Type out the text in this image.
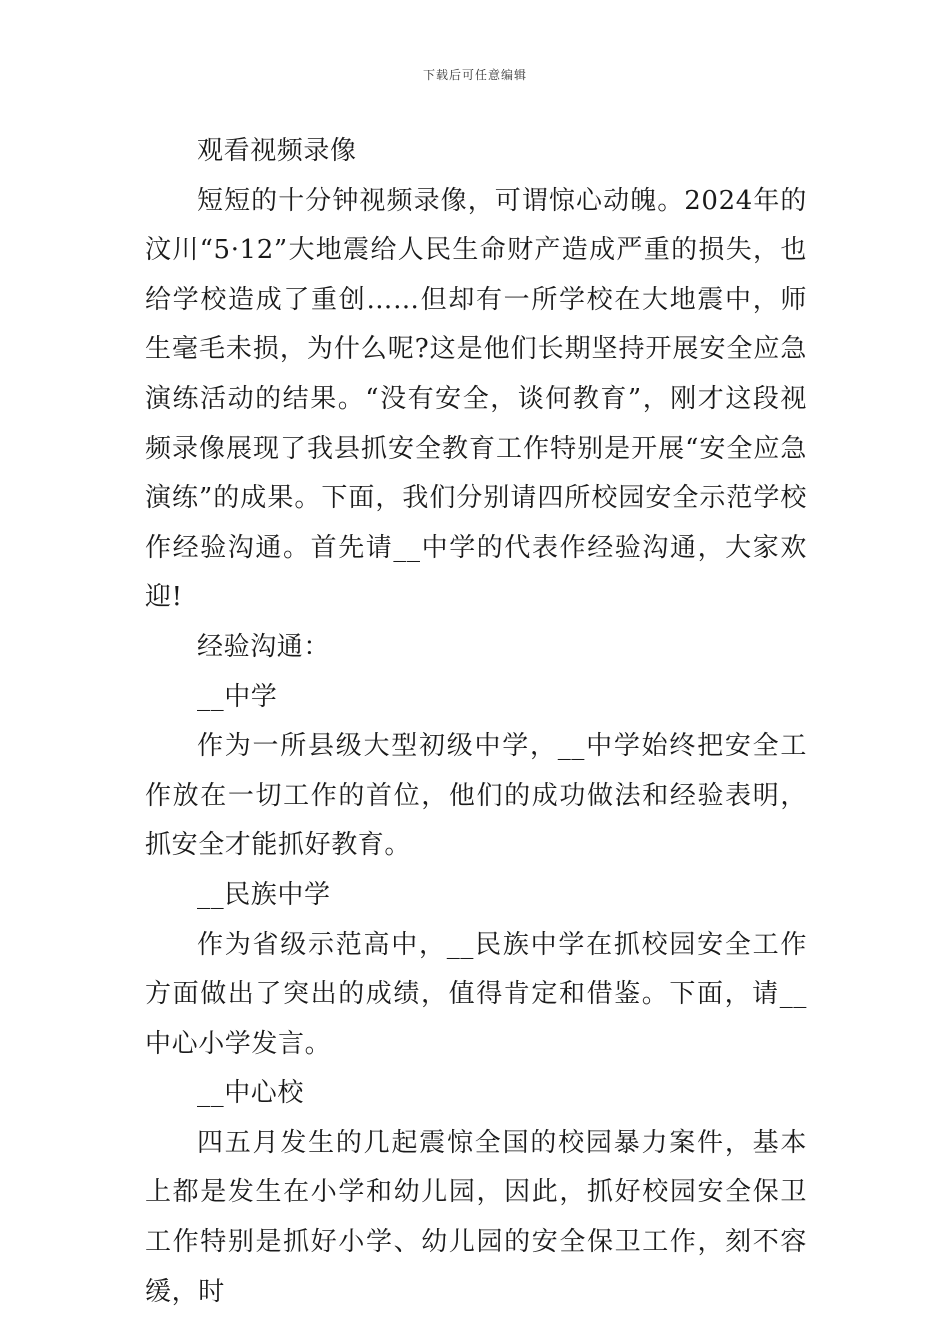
下载后可任意编辑

观看视频录像

短短的十分钟视频录像，可谓惊心动魄。2024年的汶川“5·12”大地震给人民生命财产造成严重的损失，也给学校造成了重创……但却有一所学校在大地震中，师生毫毛未损，为什么呢?这是他们长期坚持开展安全应急演练活动的结果。“没有安全，谈何教育”，刚才这段视频录像展现了我县抓安全教育工作特别是开展“安全应急演练”的成果。下面，我们分别请四所校园安全示范学校作经验沟通。首先请__中学的代表作经验沟通，大家欢迎!

经验沟通：

__中学

作为一所县级大型初级中学，__中学始终把安全工作放在一切工作的首位，他们的成功做法和经验表明，抓安全才能抓好教育。

__民族中学

作为省级示范高中，__民族中学在抓校园安全工作方面做出了突出的成绩，值得肯定和借鉴。下面，请__中心小学发言。

__中心校

四五月发生的几起震惊全国的校园暴力案件，基本上都是发生在小学和幼儿园，因此，抓好校园安全保卫工作特别是抓好小学、幼儿园的安全保卫工作，刻不容缓，时
